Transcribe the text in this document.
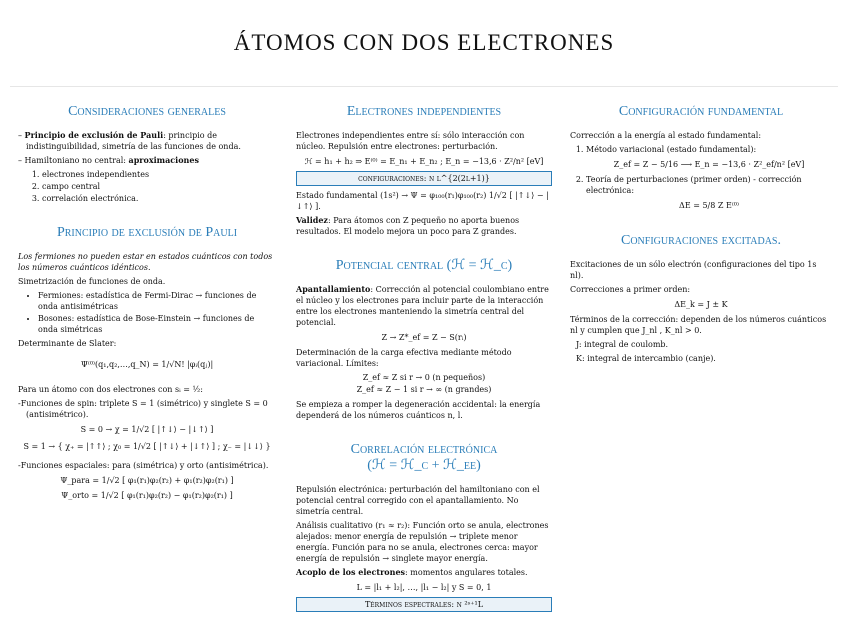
ÁTOMOS CON DOS ELECTRONES
Consideraciones generales

– Principio de exclusión de Pauli: principio de indistinguibilidad, simetría de las funciones de onda.

– Hamiltoniano no central: aproximaciones

1. electrones independientes
2. campo central
3. correlación electrónica.
Principio de exclusión de Pauli

Los fermiones no pueden estar en estados cuánticos con todos los números cuánticos idénticos.

Simetrización de funciones de onda.

• Fermiones: estadística de Fermi-Dirac → funciones de onda antisimétricas
• Bosones: estadística de Bose-Einstein → funciones de onda simétricas

Determinante de Slater:

Ψ⁽⁰⁾(q₁,q₂,…,q_N) = 1/√N! |φᵢ(qⱼ)|

Para un átomo con dos electrones con sᵢ = ½:

-Funciones de spin: triplete S = 1 (simétrico) y singlete S = 0 (antisimétrico).

S = 0 → χ = 1/√2 [ |↑↓⟩ − |↓↑⟩ ]
S = 1 → { χ₊ = |↑↑⟩ ; χ₀ = 1/√2 [ |↑↓⟩ + |↓↑⟩ ] ; χ₋ = |↓↓⟩ }

-Funciones espaciales: para (simétrica) y orto (antisimétrica).

Ψ_para = 1/√2 [ φ₁(r₁)φ₂(r₂) + φ₁(r₂)φ₂(r₁) ]
Ψ_orto = 1/√2 [ φ₁(r₁)φ₂(r₂) − φ₁(r₂)φ₂(r₁) ]
Electrones independientes

Electrones independientes entre sí: sólo interacción con núcleo. Repulsión entre electrones: perturbación.

ℋ = h₁ + h₂ ⇒ E⁽⁰⁾ = E_n₁ + E_n₂ ; E_n = −13,6 · Z²/n² [eV]
configuraciones: n l^{2(2l+1)}

Estado fundamental (1s²) → Ψ = φ₁₀₀(r₁)φ₁₀₀(r₂) 1/√2 [ |↑↓⟩ − |↓↑⟩ ].

Validez: Para átomos con Z pequeño no aporta buenos resultados. El modelo mejora un poco para Z grandes.

Potencial central (ℋ = ℋ_c)

Apantallamiento: Corrección al potencial coulombiano entre el núcleo y los electrones para incluir parte de la interacción entre los electrones manteniendo la simetría central del potencial.

Z → Z*_ef = Z − S(rᵢ)

Determinación de la carga efectiva mediante método variacional. Límites:

Z_ef ≈ Z si r → 0 (n pequeños)
Z_ef ≈ Z − 1 si r → ∞ (n grandes)

Se empieza a romper la degeneración accidental: la energía dependerá de los números cuánticos n, l.

Correlación electrónica
(ℋ = ℋ_c + ℋ_ee)

Repulsión electrónica: perturbación del hamiltoniano con el potencial central corregido con el apantallamiento. No simetría central.

Análisis cualitativo (r₁ ≈ r₂): Función orto se anula, electrones alejados: menor energía de repulsión → triplete menor energía. Función para no se anula, electrones cerca: mayor energía de repulsión → singlete mayor energía.

Acoplo de los electrones: momentos angulares totales.

L = |l₁ + l₂|, …, |l₁ − l₂| y S = 0, 1
Términos espectrales: n ²ˢ⁺¹L
Configuración fundamental

Corrección a la energía al estado fundamental:

1. Método variacional (estado fundamental):
Z_ef = Z − 5/16 ⟶ E_n = −13,6 · Z²_ef/n² [eV]
2. Teoría de perturbaciones (primer orden) - corrección electrónica:
ΔE = 5/8 Z E⁽⁰⁾
Configuraciones excitadas.

Excitaciones de un sólo electrón (configuraciones del tipo 1s nl).

Correcciones a primer orden:

ΔE_k = J ± K

Términos de la corrección: dependen de los números cuánticos nl y cumplen que J_nl , K_nl > 0.

J: integral de coulomb.

K: integral de intercambio (canje).
